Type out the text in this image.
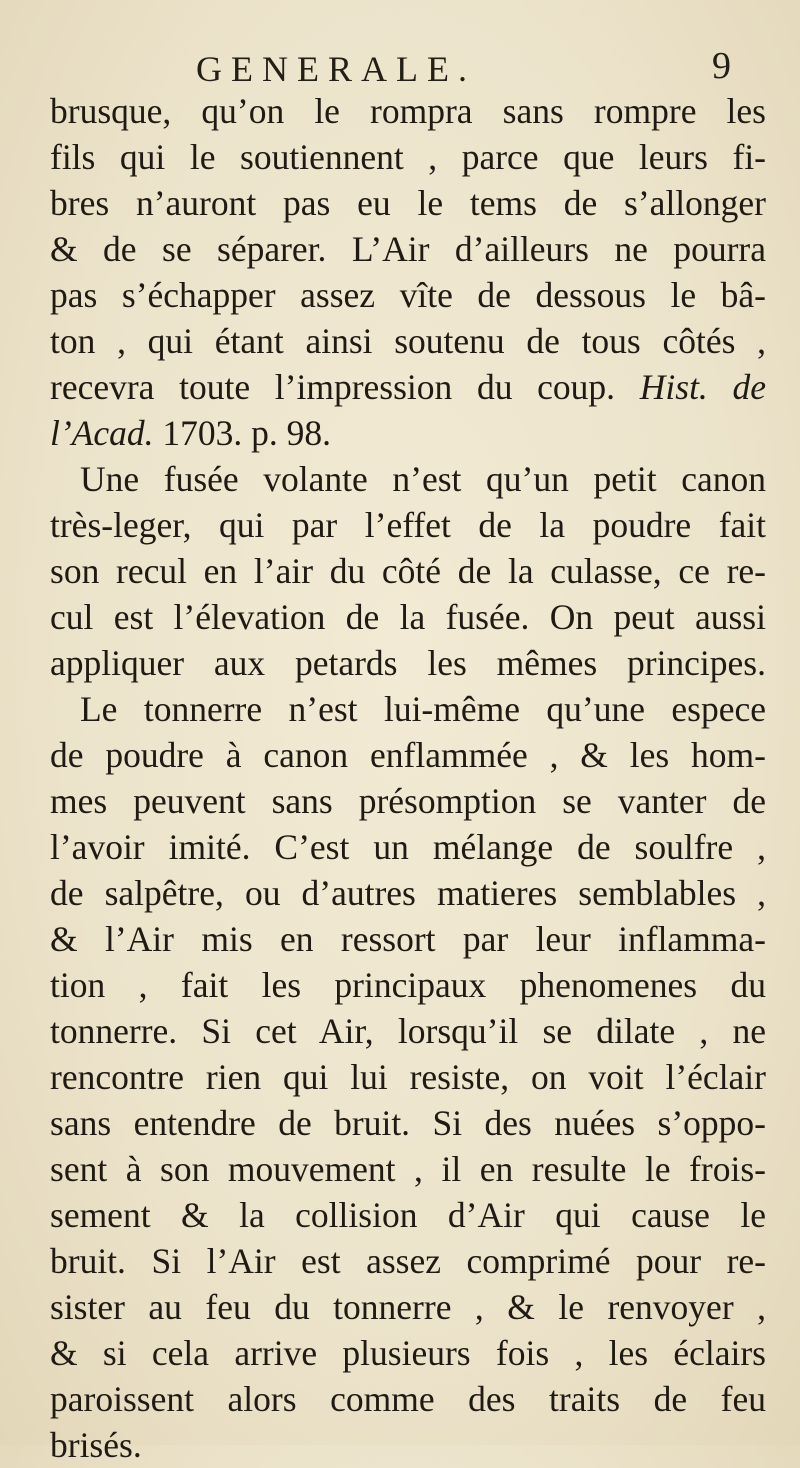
GENERALE.	9
brusque, qu’on le rompra sans rompre les
fils qui le soutiennent , parce que leurs fi-
bres n’auront pas eu le tems de s’allonger
& de se séparer. L’Air d’ailleurs ne pourra
pas s’échapper assez vîte de dessous le bâ-
ton , qui étant ainsi soutenu de tous côtés ,
recevra toute l’impression du coup. Hist. de
l’Acad. 1703. p. 98.
Une fusée volante n’est qu’un petit canon
très-leger, qui par l’effet de la poudre fait
son recul en l’air du côté de la culasse, ce re-
cul est l’élevation de la fusée. On peut aussi
appliquer aux petards les mêmes principes.
Le tonnerre n’est lui-même qu’une espece
de poudre à canon enflammée , & les hom-
mes peuvent sans présomption se vanter de
l’avoir imité. C’est un mélange de soulfre ,
de salpêtre, ou d’autres matieres semblables ,
& l’Air mis en ressort par leur inflamma-
tion , fait les principaux phenomenes du
tonnerre. Si cet Air, lorsqu’il se dilate , ne
rencontre rien qui lui resiste, on voit l’éclair
sans entendre de bruit. Si des nuées s’oppo-
sent à son mouvement , il en resulte le frois-
sement & la collision d’Air qui cause le
bruit. Si l’Air est assez comprimé pour re-
sister au feu du tonnerre , & le renvoyer ,
& si cela arrive plusieurs fois , les éclairs
paroissent alors comme des traits de feu
brisés.
